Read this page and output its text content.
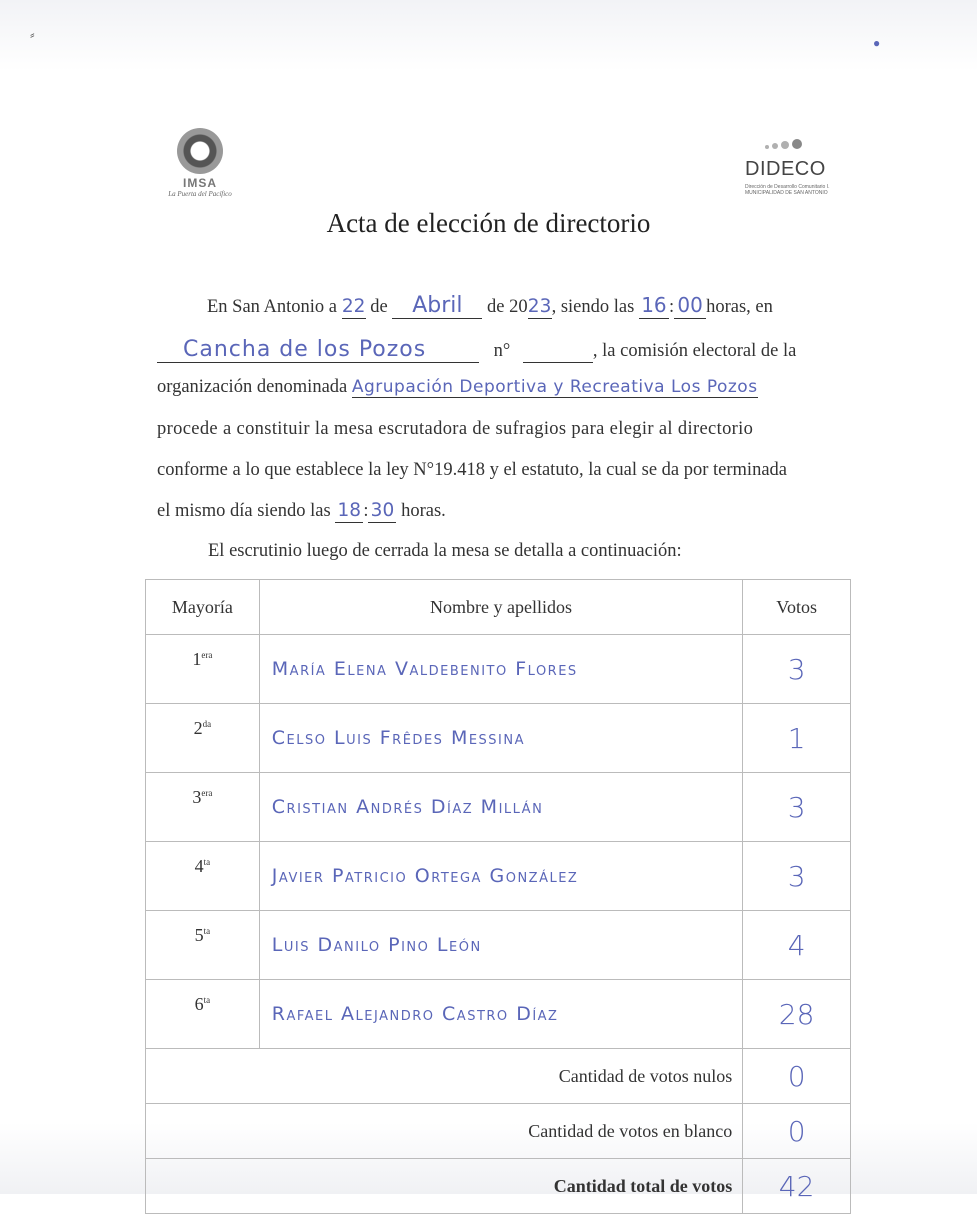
⸗	●
IMSA
La Puerta del Pacífico
DIDECO
Dirección de Desarrollo Comunitario I. MUNICIPALIDAD DE SAN ANTONIO
Acta de elección de directorio
En San Antonio a 22 de Abril de 2023, siendo las 16 : 00 horas, en
Cancha de los Pozos	n°	, la comisión electoral de la
organización denominada Agrupación Deportiva y Recreativa Los Pozos
procede a constituir la mesa escrutadora de sufragios para elegir al directorio
conforme a lo que establece la ley N°19.418 y el estatuto, la cual se da por terminada
el mismo día siendo las 18 : 30 horas.
El escrutinio luego de cerrada la mesa se detalla a continuación:
Mayoría	Nombre y apellidos	Votos
$1^{era}$	María Elena Valdebenito Flores	3
$2^{da}$	Celso Luis Frêdes Messina	1
$3^{era}$	Cristian Andrés Díaz Millán	3
$4^{ta}$	Javier Patricio Ortega González	3
$5^{ta}$	Luis Danilo Pino León	4
$6^{ta}$	Rafael Alejandro Castro Díaz	28
Cantidad de votos nulos		0
Cantidad de votos en blanco		0
Cantidad total de votos		42
